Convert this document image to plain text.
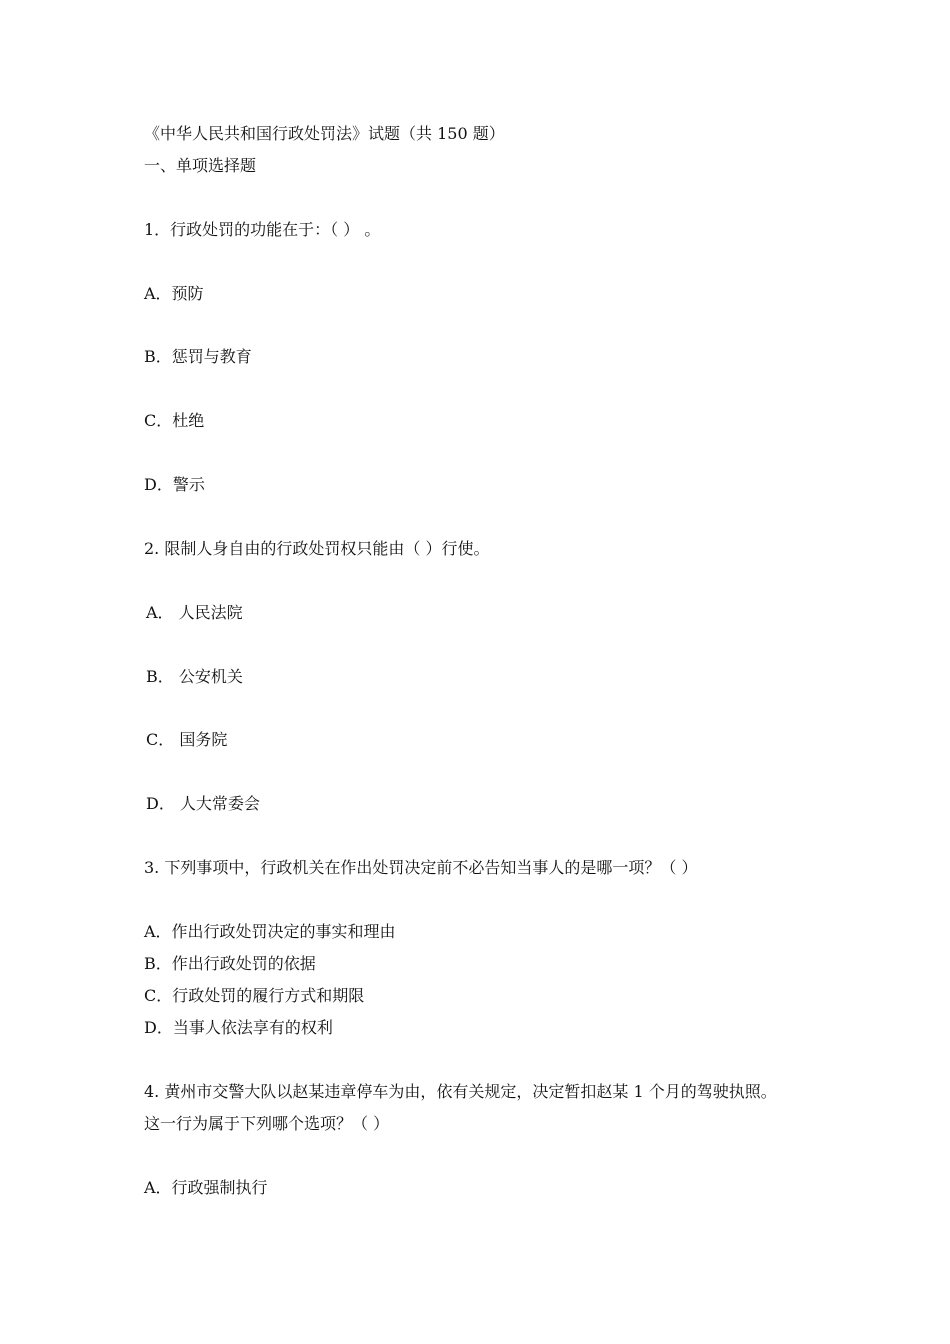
《中华人民共和国行政处罚法》试题（共 150 题）
一、单项选择题
1．行政处罚的功能在于：（ ） 。
A．预防
B．惩罚与教育
C．杜绝
D．警示
2. 限制人身自由的行政处罚权只能由（ ）行使。
A． 人民法院
B． 公安机关
C． 国务院
D． 人大常委会
3. 下列事项中，行政机关在作出处罚决定前不必告知当事人的是哪一项？（ ）
A．作出行政处罚决定的事实和理由
B．作出行政处罚的依据
C．行政处罚的履行方式和期限
D．当事人依法享有的权利
4. 黄州市交警大队以赵某违章停车为由，依有关规定，决定暂扣赵某 1 个月的驾驶执照。
这一行为属于下列哪个选项？（ ）
A．行政强制执行
